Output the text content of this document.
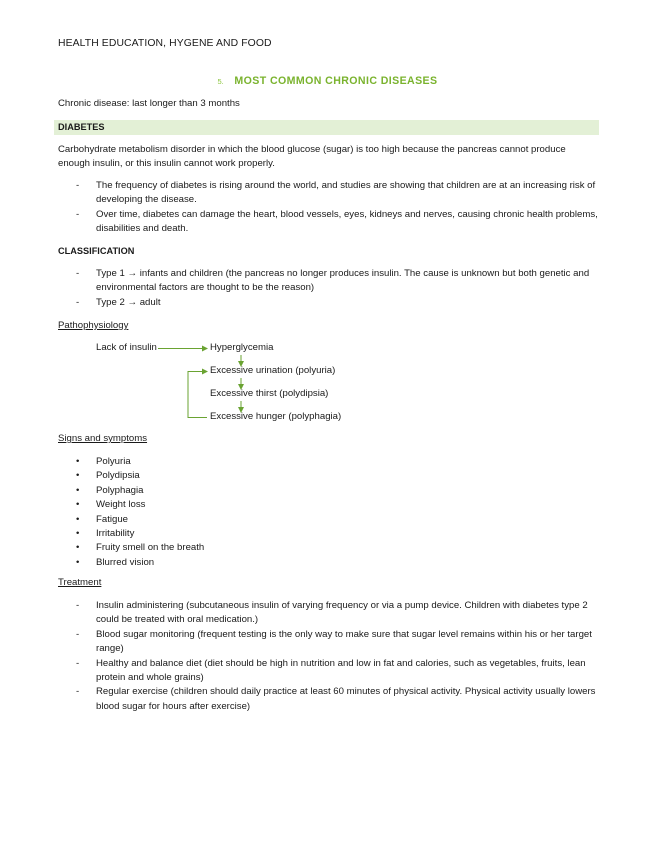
HEALTH EDUCATION, HYGENE AND FOOD
5. MOST COMMON CHRONIC DISEASES
Chronic disease: last longer than 3 months
DIABETES
Carbohydrate metabolism disorder in which the blood glucose (sugar) is too high because the pancreas cannot produce enough insulin, or this insulin cannot work properly.
- The frequency of diabetes is rising around the world, and studies are showing that children are at an increasing risk of developing the disease.
- Over time, diabetes can damage the heart, blood vessels, eyes, kidneys and nerves, causing chronic health problems, disabilities and death.
CLASSIFICATION
- Type 1 → infants and children (the pancreas no longer produces insulin. The cause is unknown but both genetic and environmental factors are thought to be the reason)
- Type 2 → adult
Pathophysiology
Lack of insulin	Hyperglycemia
Excessive urination (polyuria)
Excessive thirst (polydipsia)
Excessive hunger (polyphagia)
Signs and symptoms
• Polyuria
• Polydipsia
• Polyphagia
• Weight loss
• Fatigue
• Irritability
• Fruity smell on the breath
• Blurred vision
Treatment
- Insulin administering (subcutaneous insulin of varying frequency or via a pump device. Children with diabetes type 2 could be treated with oral medication.)
- Blood sugar monitoring (frequent testing is the only way to make sure that sugar level remains within his or her target range)
- Healthy and balance diet (diet should be high in nutrition and low in fat and calories, such as vegetables, fruits, lean protein and whole grains)
- Regular exercise (children should daily practice at least 60 minutes of physical activity. Physical activity usually lowers blood sugar for hours after exercise)
